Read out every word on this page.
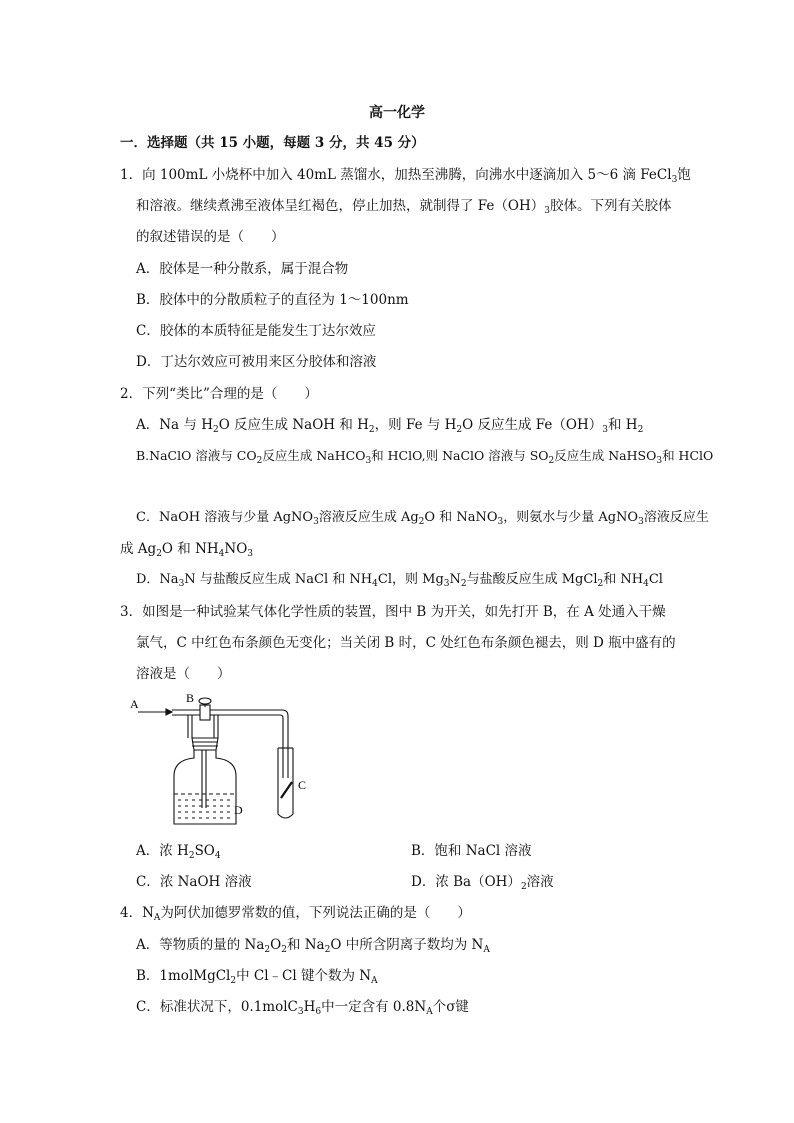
高一化学
一．选择题（共 15 小题，每题 3 分，共 45 分）
1．向 100mL 小烧杯中加入 40mL 蒸馏水，加热至沸腾，向沸水中逐滴加入 5～6 滴 FeCl$_3$饱
和溶液。继续煮沸至液体呈红褐色，停止加热，就制得了 $Fe(OH)_3$胶体。下列有关胶体
的叙述错误的是（　　）
A．胶体是一种分散系，属于混合物
B．胶体中的分散质粒子的直径为 1～100nm
C．胶体的本质特征是能发生丁达尔效应
D．丁达尔效应可被用来区分胶体和溶液
2．下列“类比”合理的是（　　）
A．Na 与 $H_2O$ 反应生成 NaOH 和 $H_2$，则 Fe 与 $H_2O$ 反应生成 $Fe(OH)_3$和 $H_2$
B.NaClO 溶液与 $CO_2$反应生成 NaHCO$_3$和 HClO,则 NaClO 溶液与 $SO_2$反应生成 NaHSO$_3$和 HClO
C．NaOH 溶液与少量 AgNO$_3$溶液反应生成 $Ag_2O$ 和 NaNO$_3$，则氨水与少量 AgNO$_3$溶液反应生
成 $Ag_2O$ 和 $NH_4NO_3$
D．$Na_3N$ 与盐酸反应生成 NaCl 和 $NH_4Cl$，则 $Mg_3N_2$与盐酸反应生成 MgCl$_2$和 $NH_4Cl$
3．如图是一种试验某气体化学性质的装置，图中 B 为开关，如先打开 B，在 A 处通入干燥
氯气，C 中红色布条颜色无变化；当关闭 B 时，C 处红色布条颜色褪去，则 D 瓶中盛有的
溶液是（　　）
A	B
C
D
A．浓 $H_2SO_4$	B．饱和 NaCl 溶液
C．浓 NaOH 溶液	D．浓 $Ba(OH)_2$溶液
4．$N_A$为阿伏加德罗常数的值，下列说法正确的是（　　）
A．等物质的量的 $Na_2O_2$和 $Na_2O$ 中所含阴离子数均为 $N_A$
B．1molMgCl$_2$中 Cl﹣Cl 键个数为 $N_A$
C．标准状况下，$0.1molC_3H_6$中一定含有 $0.8N_A$个σ键
